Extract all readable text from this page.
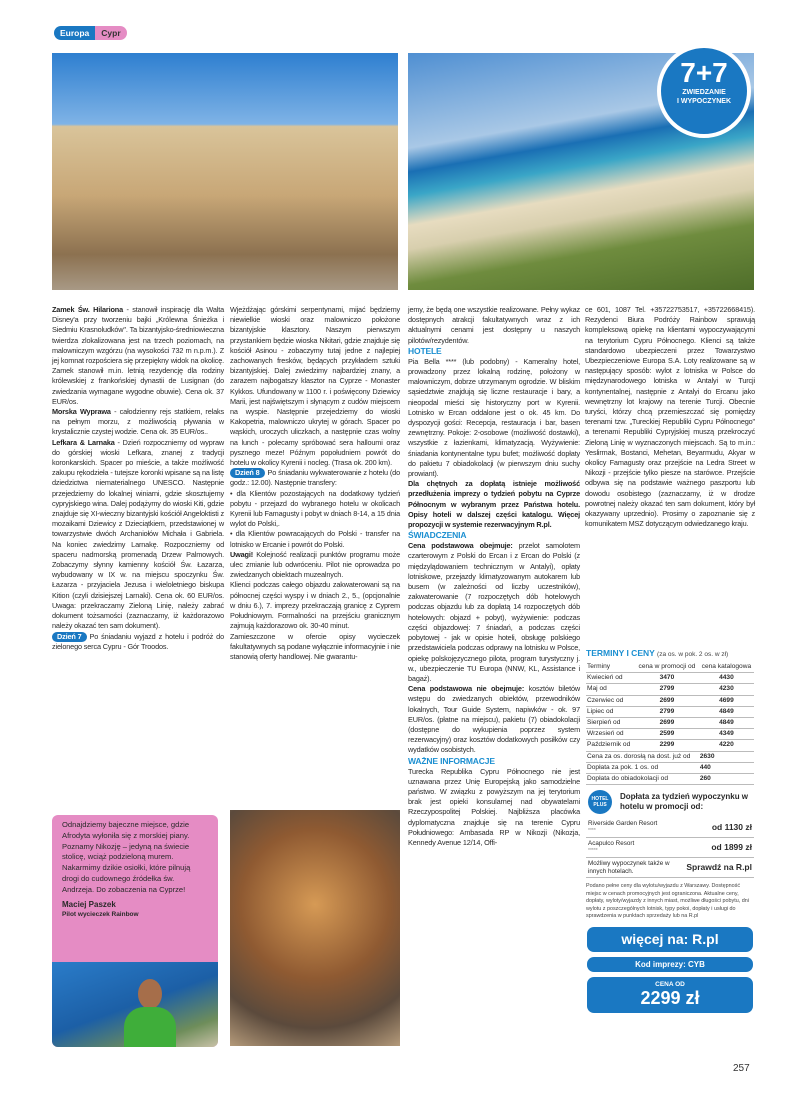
Europa	Cypr
7+7
ZWIEDZANIE
I WYPOCZYNEK

Zamek Św. Hilariona - stanowił inspirację dla Walta Disney'a przy tworzeniu bajki „Królewna Śnieżka i Siedmiu Krasnoludków". Ta bizantyjsko-średniowieczna twierdza zlokalizowana jest na trzech poziomach, na malowniczym wzgórzu (na wysokości 732 m n.p.m.). Z jej komnat rozpościera się przepiękny widok na okolicę. Zamek stanowił m.in. letnią rezydencję dla rodziny królewskiej z frankońskiej dynastii de Lusignan (do zwiedzania wymagane wygodne obuwie). Cena ok. 37 EUR/os.

Morska Wyprawa - całodzienny rejs statkiem, relaks na pełnym morzu, z możliwością pływania w krystalicznie czystej wodzie. Cena ok. 35 EUR/os..

Lefkara & Larnaka - Dzień rozpoczniemy od wypraw do górskiej wioski Lefkara, znanej z tradycji koronkarskich. Spacer po mieście, a także możliwość zakupu rękodzieła - tutejsze koronki wpisane są na listę dziedzictwa niematerialnego UNESCO. Następnie przejedziemy do lokalnej winiarni, gdzie skosztujemy cypryjskiego wina. Dalej podążymy do wioski Kiti, gdzie znajduje się XI-wieczny bizantyjski kościół Angeloktisti z mozaikami Dziewicy z Dzieciątkiem, przedstawionej w towarzystwie dwóch Archaniołów Michała i Gabriela. Na koniec zwiedzimy Larnakę. Rozpoczniemy od spaceru nadmorską promenadą Drzew Palmowych. Zobaczymy słynny kamienny kościół Św. Łazarza, wybudowany w IX w. na miejscu spoczynku Św. Łazarza - przyjaciela Jezusa i wieloletniego biskupa Kition (czyli dzisiejszej Larnaki). Cena ok. 60 EUR/os. Uwaga: przekraczamy Zieloną Linię, należy zabrać dokument tożsamości (zaznaczamy, iż każdorazowo należy okazać ten sam dokument).

Dzień 7 Po śniadaniu wyjazd z hotelu i podróż do zielonego serca Cypru - Gór Troodos.

Wjeżdżając górskimi serpentynami, mijać będziemy niewielkie wioski oraz malowniczo położone bizantyjskie klasztory. Naszym pierwszym przystankiem będzie wioska Nikitari, gdzie znajduje się kościół Asinou - zobaczymy tutaj jedne z najlepiej zachowanych fresków, będących przykładem sztuki bizantyjskiej. Dalej zwiedzimy najbardziej znany, a zarazem najbogatszy klasztor na Cyprze - Monaster Kykkos. Ufundowany w 1100 r. i poświęcony Dziewicy Marii, jest najświętszym i słynącym z cudów miejscem na wyspie. Następnie przejedziemy do wioski Kakopetria, malowniczo ukrytej w górach. Spacer po wąskich, uroczych uliczkach, a następnie czas wolny na lunch - polecamy spróbować sera halloumi oraz pysznego meze! Późnym popołudniem powrót do hotelu w okolicy Kyrenii i nocleg. (Trasa ok. 200 km).

Dzień 8 Po śniadaniu wykwaterowanie z hotelu (do godz.: 12.00). Następnie transfery:

• dla Klientów pozostających na dodatkowy tydzień pobytu - przejazd do wybranego hotelu w okolicach Kyrenii lub Famagusty i pobyt w dniach 8-14, a 15 dnia wylot do Polski,.

• dla Klientów powracających do Polski - transfer na lotnisko w Ercanie i powrót do Polski.

Uwagi! Kolejność realizacji punktów programu może ulec zmianie lub odwróceniu. Pilot nie oprowadza po zwiedzanych obiektach muzealnych.

Klienci podczas całego objazdu zakwaterowani są na północnej części wyspy i w dniach 2., 5., (opcjonalnie w dniu 6.), 7. imprezy przekraczają granicę z Cyprem Południowym. Formalności na przejściu granicznym zajmują każdorazowo ok. 30-40 minut.

Zamieszczone w ofercie opisy wycieczek fakultatywnych są podane wyłącznie informacyjnie i nie stanowią oferty handlowej. Nie gwarantu-

jemy, że będą one wszystkie realizowane. Pełny wykaz dostępnych atrakcji fakultatywnych wraz z ich aktualnymi cenami jest dostępny u naszych pilotów/rezydentów.

HOTELE

Pia Bella **** (lub podobny) - Kameralny hotel, prowadzony przez lokalną rodzinę, położony w malowniczym, dobrze utrzymanym ogrodzie. W bliskim sąsiedztwie znajdują się liczne restauracje i bary, a nieopodal mieści się historyczny port w Kyrenii. Lotnisko w Ercan oddalone jest o ok. 45 km. Do dyspozycji gości: Recepcja, restauracja i bar, basen zewnętrzny. Pokoje: 2-osobowe (możliwość dostawki), wszystkie z łazienkami, klimatyzacją. Wyżywienie: śniadania kontynentalne typu bufet; możliwość dopłaty do pakietu 7 obiadokolacji (w pierwszym dniu suchy prowiant).

Dla chętnych za dopłatą istnieje możliwość przedłużenia imprezy o tydzień pobytu na Cyprze Północnym w wybranym przez Państwa hotelu. Opisy hoteli w dalszej części katalogu. Więcej propozycji w systemie rezerwacyjnym R.pl.

ŚWIADCZENIA

Cena podstawowa obejmuje: przelot samolotem czarterowym z Polski do Ercan i z Ercan do Polski (z międzylądowaniem technicznym w Antalyi), opłaty lotniskowe, przejazdy klimatyzowanym autokarem lub busem (w zależności od liczby uczestników), zakwaterowanie (7 rozpoczętych dób hotelowych podczas objazdu lub za dopłatą 14 rozpoczętych dób hotelowych: objazd + pobyt), wyżywienie: podczas części objazdowej: 7 śniadań, a podczas części pobytowej - jak w opisie hoteli, obsługę polskiego przedstawiciela podczas odprawy na lotnisku w Polsce, opiekę polskojęzycznego pilota, program turystyczny j. w., ubezpieczenie TU Europa (NNW, KL, Assistance i bagaż).

Cena podstawowa nie obejmuje: kosztów biletów wstępu do zwiedzanych obiektów, przewodników lokalnych, Tour Guide System, napiwków - ok. 97 EUR/os. (płatne na miejscu), pakietu (7) obiadokolacji (dostępne do wykupienia poprzez system rezerwacyjny) oraz kosztów dodatkowych posiłków czy wydatków osobistych.

WAŻNE INFORMACJE

Turecka Republika Cypru Północnego nie jest uznawana przez Unię Europejską jako samodzielne państwo. W związku z powyższym na jej terytorium brak jest opieki konsularnej nad obywatelami Rzeczypospolitej Polskiej. Najbliższa placówka dyplomatyczna znajduje się na terenie Cypru Południowego: Ambasada RP w Nikozji (Nikozja, Kennedy Avenue 12/14, Offi-

ce 601, 1087 Tel. +35722753517, +35722668415). Rezydenci Biura Podróży Rainbow sprawują kompleksową opiekę na klientami wypoczywającymi na terytorium Cypru Północnego. Klienci są także standardowo ubezpieczeni przez Towarzystwo Ubezpieczeniowe Europa S.A. Loty realizowane są w następujący sposób: wylot z lotniska w Polsce do międzynarodowego lotniska w Antalyi w Turcji kontynentalnej, następnie z Antalyi do Ercanu jako wewnętrzny lot krajowy na terenie Turcji. Obecnie turyści, którzy chcą przemieszczać się pomiędzy terenami tzw. „Tureckiej Republiki Cypru Północnego" a terenami Republiki Cypryjskiej muszą przekroczyć Zieloną Linię w wyznaczonych miejscach. Są to m.in.: Yeslirmak, Bostanci, Mehetan, Beyarmudu, Akyar w okolicy Famagusty oraz przejście na Ledra Street w Nikozji - przejście tylko piesze na starówce. Przejście odbywa się na podstawie ważnego paszportu lub dowodu osobistego (zaznaczamy, iż w drodze powrotnej należy okazać ten sam dokument, który był okazywany uprzednio). Prosimy o zapoznanie się z komunikatem MSZ dotyczącym odwiedzanego kraju.

TERMINY I CENY (za os. w pok. 2 os. w zł)
Terminy	cena w promocji od	cena katalogowa
Kwiecień od	3470	4430
Maj od	2799	4230
Czerwiec od	2699	4699
Lipiec od	2799	4849
Sierpień od	2699	4849
Wrzesień od	2599	4349
Październik od	2299	4220
Cena za os. dorosłą na dost. już od		2630
Dopłata za pok. 1 os. od		440
Dopłata do obiadokolacji od		260
HOTEL PLUS
Dopłata za tydzień wypoczynku w hotelu w promocji od:
Riverside Garden Resort
****	od 1130 zł
Acapulco Resort
*****	od 1899 zł
Możliwy wypoczynek także w innych hotelach.	Sprawdź na R.pl
Podano pełne ceny dla wylotu/wyjazdu z Warszawy. Dostępność miejsc w cenach promocyjnych jest ograniczona. Aktualne ceny, dopłaty, wyloty/wyjazdy z innych miast, możliwe długości pobytu, dni wylotu z poszczególnych lotnisk, typy pokoi, dopłaty i usługi do sprawdzenia w punktach sprzedaży lub na R.pl
więcej na: R.pl
Kod imprezy: CYB
CENA OD
2299 zł
Odnajdziemy bajeczne miejsce, gdzie Afrodyta wyłoniła się z morskiej piany. Poznamy Nikozję – jedyną na świecie stolicę, wciąż podzieloną murem. Nakarmimy dzikie osiołki, które pilnują drogi do cudownego źródełka św. Andrzeja. Do zobaczenia na Cyprze!
Maciej Paszek
Pilot wycieczek Rainbow
257
